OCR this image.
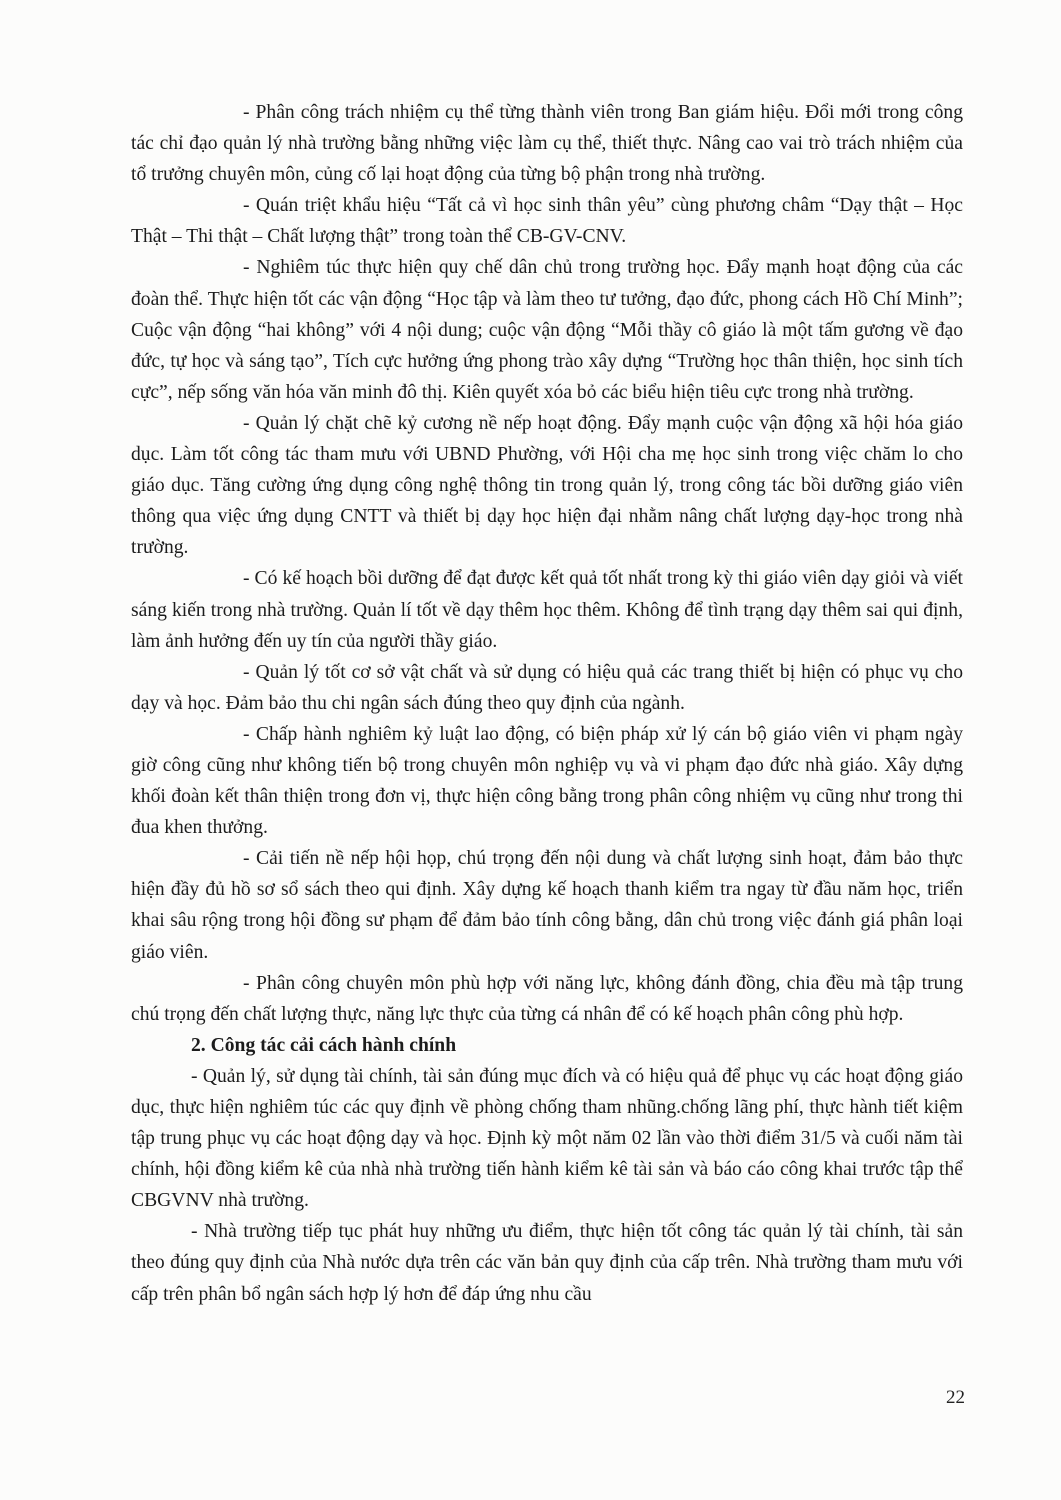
- Phân công trách nhiệm cụ thể từng thành viên trong Ban giám hiệu. Đổi mới trong công tác chỉ đạo quản lý nhà trường bằng những việc làm cụ thể, thiết thực. Nâng cao vai trò trách nhiệm của tổ trưởng chuyên môn, củng cố lại hoạt động của từng bộ phận trong nhà trường.

- Quán triệt khẩu hiệu “Tất cả vì học sinh thân yêu” cùng phương châm “Dạy thật – Học Thật – Thi thật – Chất lượng thật” trong toàn thể CB-GV-CNV.

- Nghiêm túc thực hiện quy chế dân chủ trong trường học. Đẩy mạnh hoạt động của các đoàn thể. Thực hiện tốt các vận động “Học tập và làm theo tư tưởng, đạo đức, phong cách Hồ Chí Minh”; Cuộc vận động “hai không” với 4 nội dung; cuộc vận động “Mỗi thầy cô giáo là một tấm gương về đạo đức, tự học và sáng tạo”, Tích cực hưởng ứng phong trào xây dựng “Trường học thân thiện, học sinh tích cực”, nếp sống văn hóa văn minh đô thị. Kiên quyết xóa bỏ các biểu hiện tiêu cực trong nhà trường.

- Quản lý chặt chẽ kỷ cương nề nếp hoạt động. Đẩy mạnh cuộc vận động xã hội hóa giáo dục. Làm tốt công tác tham mưu với UBND Phường, với Hội cha mẹ học sinh trong việc chăm lo cho giáo dục. Tăng cường ứng dụng công nghệ thông tin trong quản lý, trong công tác bồi dưỡng giáo viên thông qua việc ứng dụng CNTT và thiết bị dạy học hiện đại nhằm nâng chất lượng dạy-học trong nhà trường.

- Có kế hoạch bồi dưỡng để đạt được kết quả tốt nhất trong kỳ thi giáo viên dạy giỏi và viết sáng kiến trong nhà trường. Quản lí tốt về dạy thêm học thêm. Không để tình trạng dạy thêm sai qui định, làm ảnh hưởng đến uy tín của người thầy giáo.

- Quản lý tốt cơ sở vật chất và sử dụng có hiệu quả các trang thiết bị hiện có phục vụ cho dạy và học. Đảm bảo thu chi ngân sách đúng theo quy định của ngành.

- Chấp hành nghiêm kỷ luật lao động, có biện pháp xử lý cán bộ giáo viên vi phạm ngày giờ công cũng như không tiến bộ trong chuyên môn nghiệp vụ và vi phạm đạo đức nhà giáo. Xây dựng khối đoàn kết thân thiện trong đơn vị, thực hiện công bằng trong phân công nhiệm vụ cũng như trong thi đua khen thưởng.

- Cải tiến nề nếp hội họp, chú trọng đến nội dung và chất lượng sinh hoạt, đảm bảo thực hiện đầy đủ hồ sơ sổ sách theo qui định. Xây dựng kế hoạch thanh kiểm tra ngay từ đầu năm học, triển khai sâu rộng trong hội đồng sư phạm để đảm bảo tính công bằng, dân chủ trong việc đánh giá phân loại giáo viên.

- Phân công chuyên môn phù hợp với năng lực, không đánh đồng, chia đều mà tập trung chú trọng đến chất lượng thực, năng lực thực của từng cá nhân để có kế hoạch phân công phù hợp.

2. Công tác cải cách hành chính

- Quản lý, sử dụng tài chính, tài sản đúng mục đích và có hiệu quả để phục vụ các hoạt động giáo dục, thực hiện nghiêm túc các quy định về phòng chống tham nhũng.chống lãng phí, thực hành tiết kiệm tập trung phục vụ các hoạt động dạy và học. Định kỳ một năm 02 lần vào thời điểm 31/5 và cuối năm tài chính, hội đồng kiểm kê của nhà nhà trường tiến hành kiểm kê tài sản và báo cáo công khai trước tập thể CBGVNV nhà trường.

- Nhà trường tiếp tục phát huy những ưu điểm, thực hiện tốt công tác quản lý tài chính, tài sản theo đúng quy định của Nhà nước dựa trên các văn bản quy định của cấp trên. Nhà trường tham mưu với cấp trên phân bổ ngân sách hợp lý hơn để đáp ứng nhu cầu

22
